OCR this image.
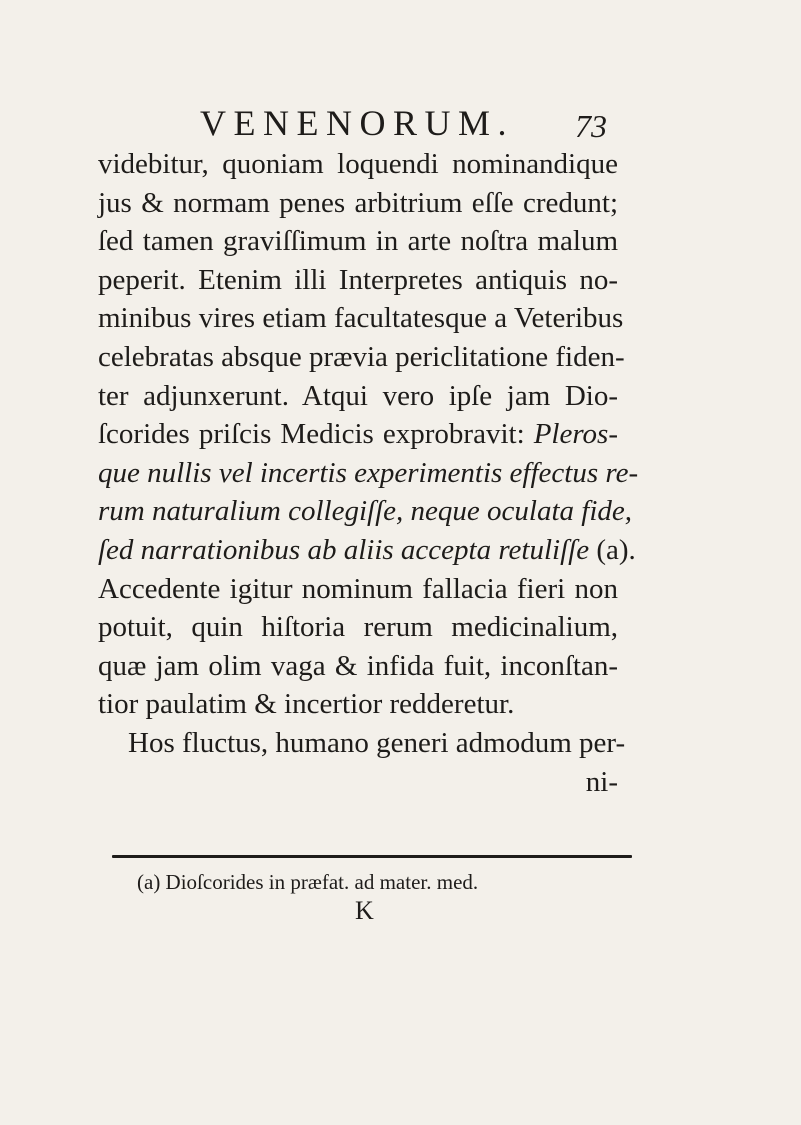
VENENORUM.	73
videbitur, quoniam loquendi nominandique
jus & normam penes arbitrium eſſe credunt;
ſed tamen graviſſimum in arte noſtra malum
peperit. Etenim illi Interpretes antiquis no-
minibus vires etiam facultatesque a Veteribus
celebratas absque prævia periclitatione fiden-
ter adjunxerunt. Atqui vero ipſe jam Dio-
ſcorides priſcis Medicis exprobravit: Pleros-
que nullis vel incertis experimentis effectus re-
rum naturalium collegiſſe, neque oculata fide,
ſed narrationibus ab aliis accepta retuliſſe (a).
Accedente igitur nominum fallacia fieri non
potuit, quin hiſtoria rerum medicinalium,
quæ jam olim vaga & infida fuit, inconſtan-
tior paulatim & incertior redderetur.
Hos fluctus, humano generi admodum per-
ni-
(a) Dioſcorides in præfat. ad mater. med.
K
